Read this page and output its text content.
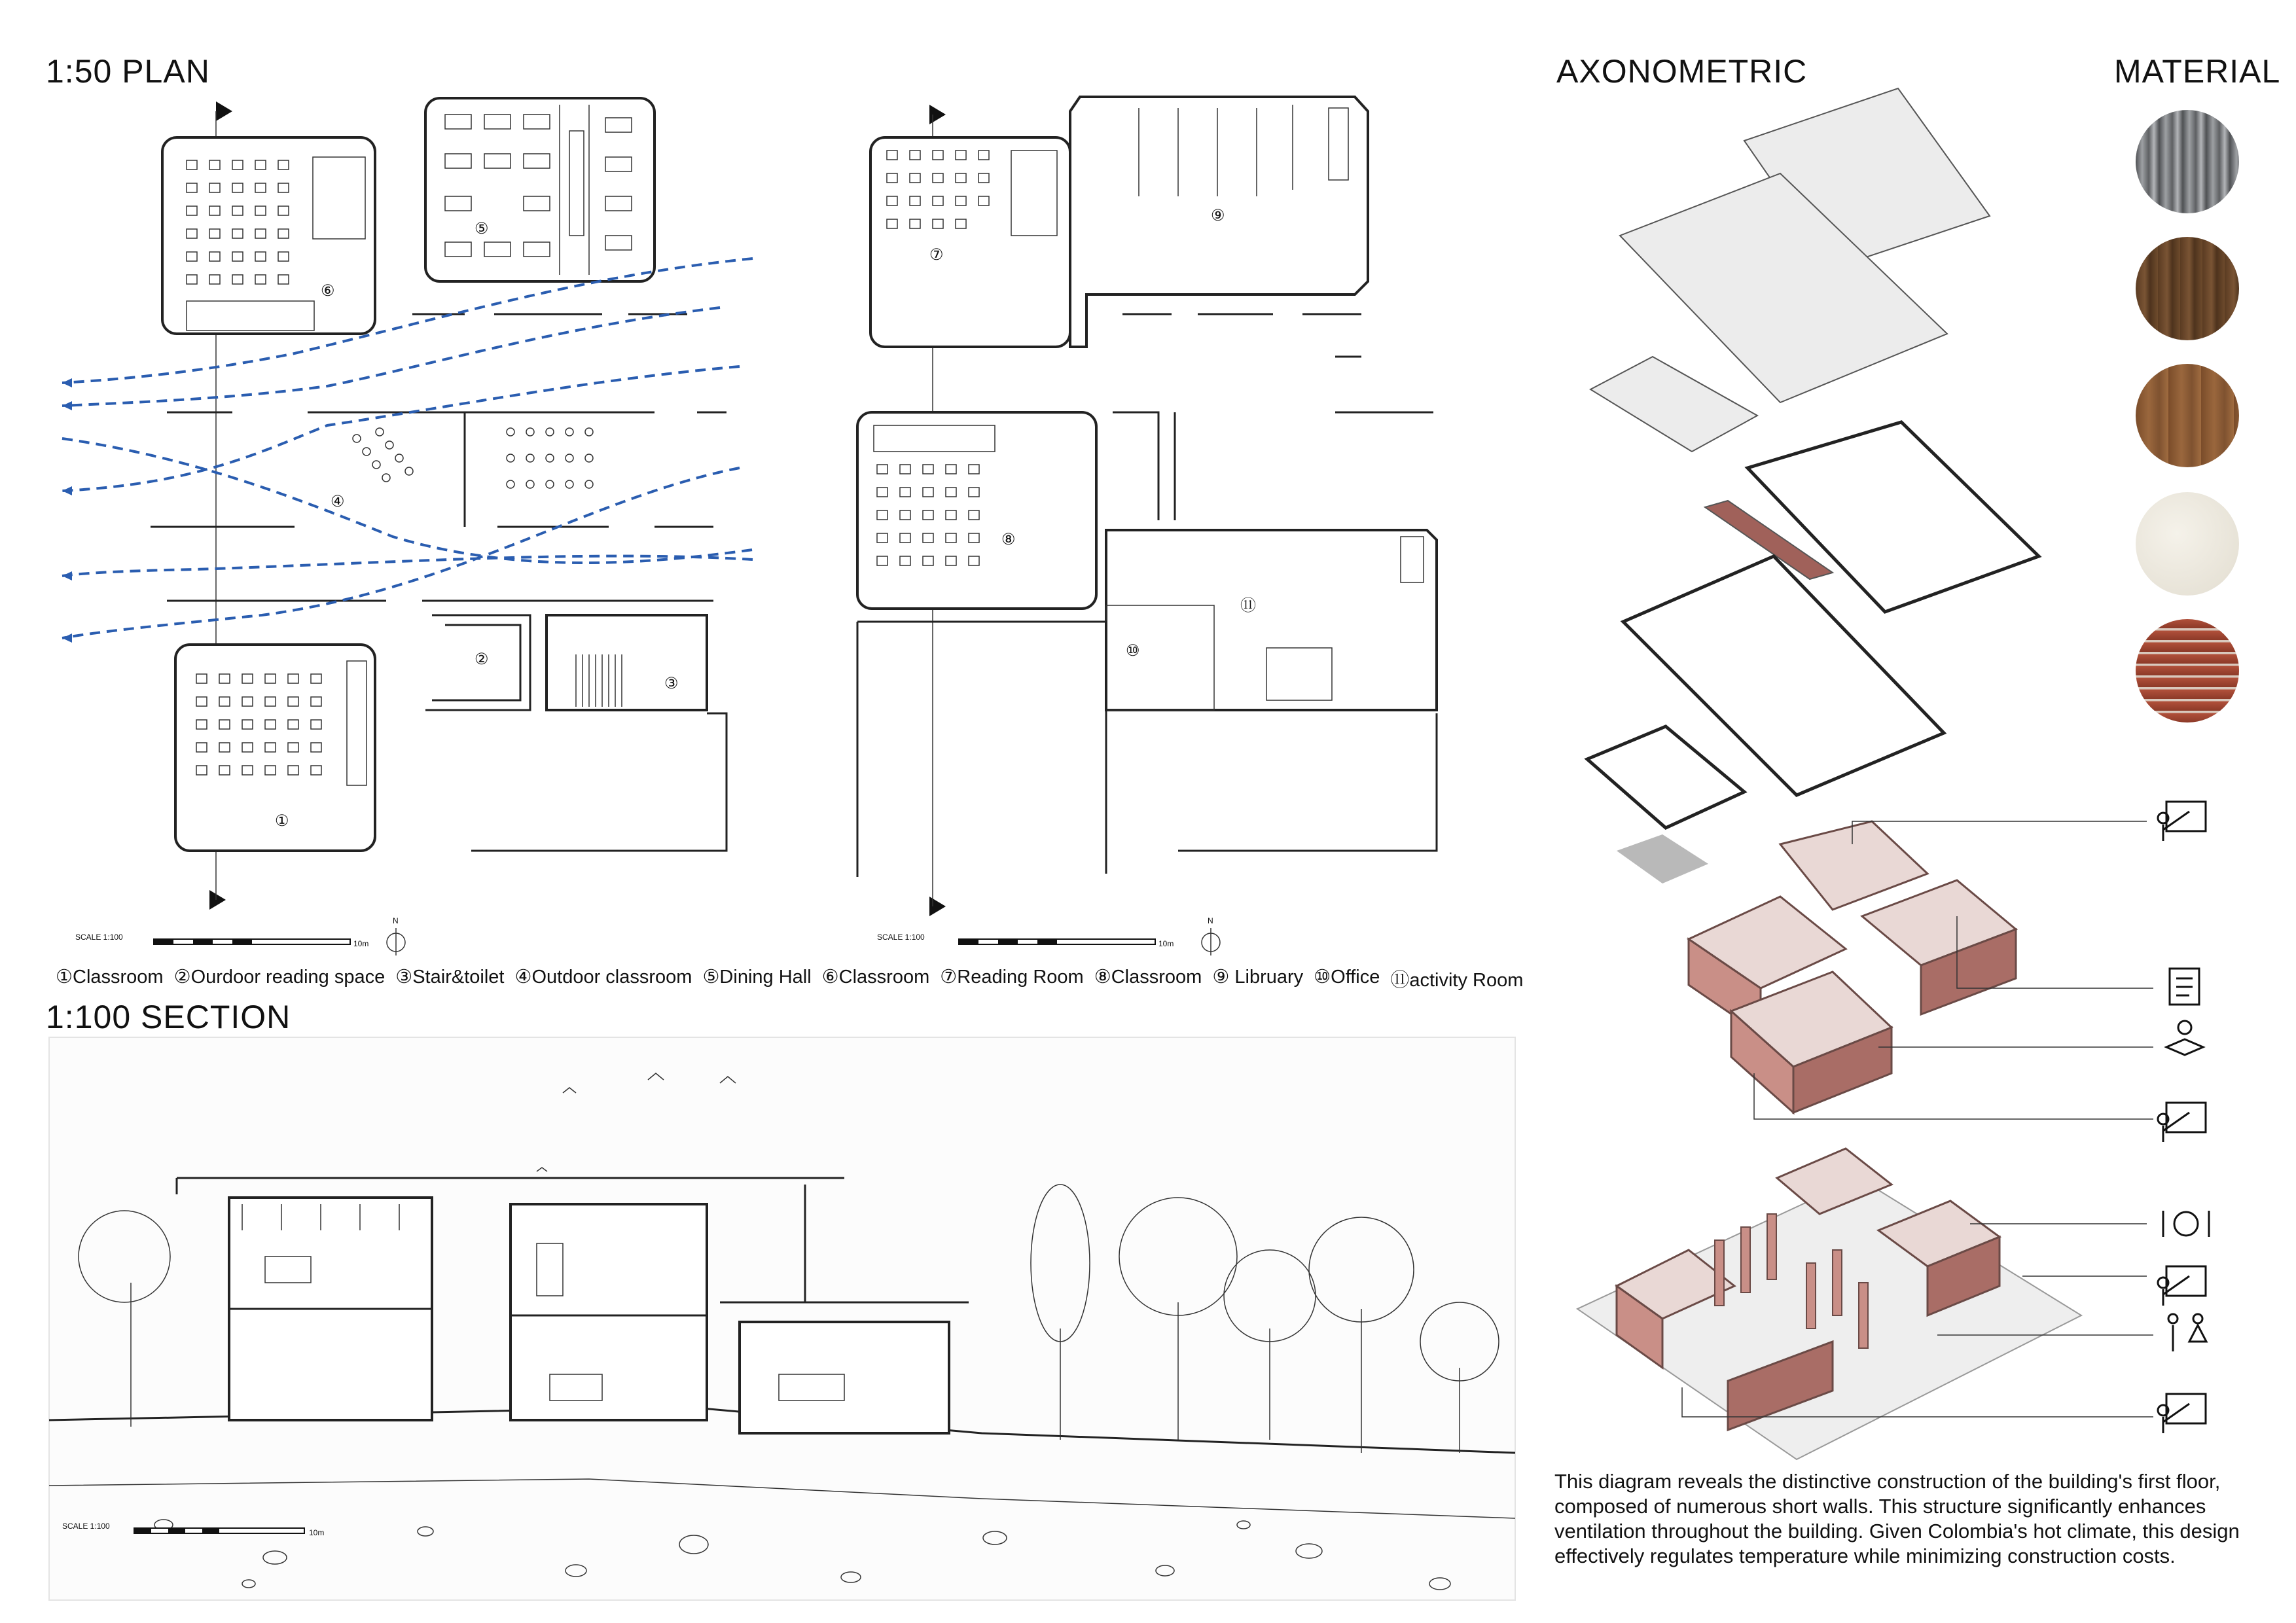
1:50 PLAN
1:100 SECTION
AXONOMETRIC	MATERIAL
⑥
⑤
④
②
③
①
⑦
⑨
⑧
⑩
⑪
SCALE 1:100	SCALE 1:100
10m	10m
N	N
①Classroom ②Ourdoor reading space ③Stair&toilet ④Outdoor classroom ⑤Dining Hall ⑥Classroom ⑦Reading Room ⑧Classroom ⑨ Libruary ⑩Office ⑪activity Room
SCALE 1:100
10m
This diagram reveals the distinctive construction of the building's first floor, composed of numerous short walls. This structure significantly enhances ventilation throughout the building. Given Colombia's hot climate, this design effectively regulates temperature while minimizing construction costs.
